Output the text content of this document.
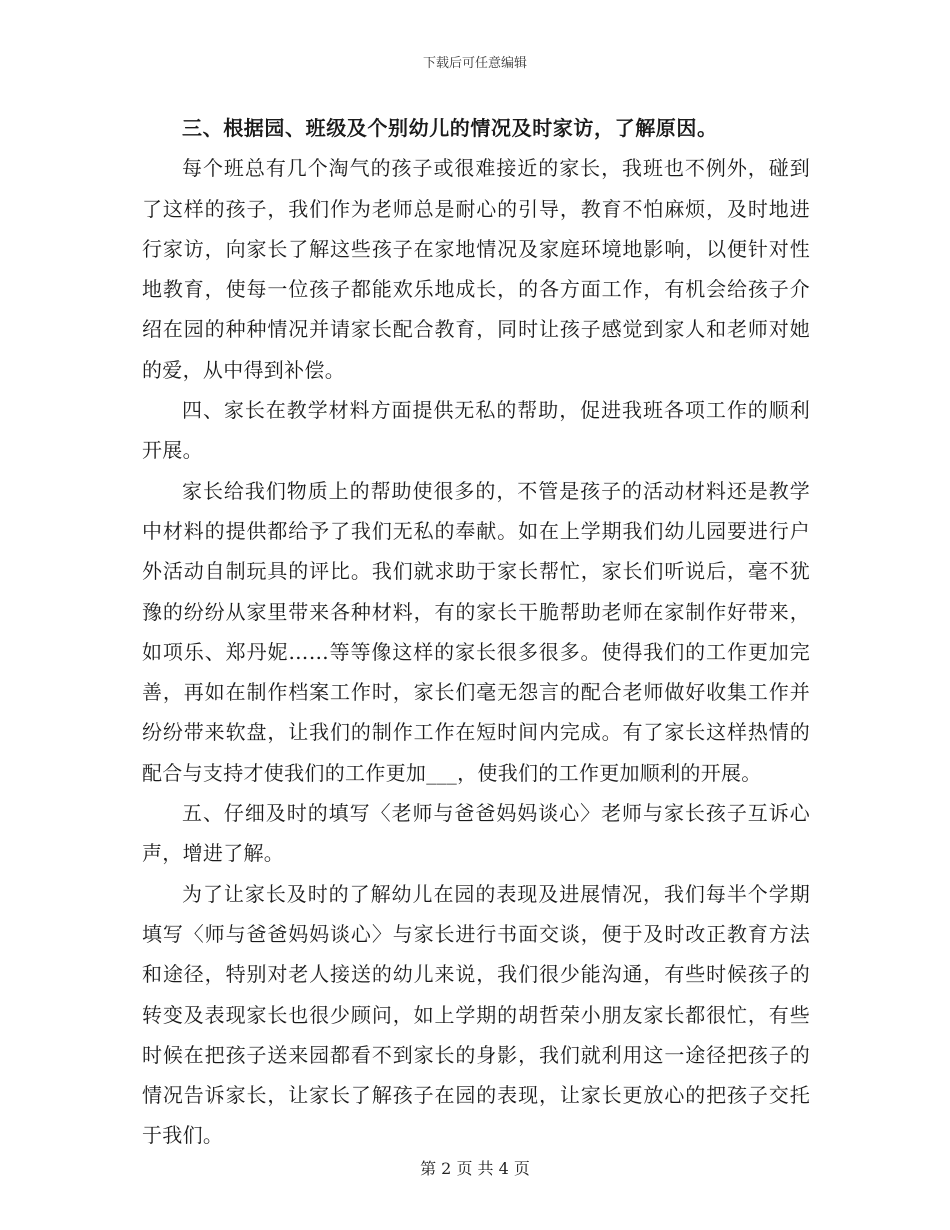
下载后可任意编辑

三、根据园、班级及个别幼儿的情况及时家访，了解原因。

每个班总有几个淘气的孩子或很难接近的家长，我班也不例外，碰到了这样的孩子，我们作为老师总是耐心的引导，教育不怕麻烦，及时地进行家访，向家长了解这些孩子在家地情况及家庭环境地影响，以便针对性地教育，使每一位孩子都能欢乐地成长，的各方面工作，有机会给孩子介绍在园的种种情况并请家长配合教育，同时让孩子感觉到家人和老师对她的爱，从中得到补偿。

四、家长在教学材料方面提供无私的帮助，促进我班各项工作的顺利开展。

家长给我们物质上的帮助使很多的，不管是孩子的活动材料还是教学中材料的提供都给予了我们无私的奉献。如在上学期我们幼儿园要进行户外活动自制玩具的评比。我们就求助于家长帮忙，家长们听说后，毫不犹豫的纷纷从家里带来各种材料，有的家长干脆帮助老师在家制作好带来，如项乐、郑丹妮……等等像这样的家长很多很多。使得我们的工作更加完善，再如在制作档案工作时，家长们毫无怨言的配合老师做好收集工作并纷纷带来软盘，让我们的制作工作在短时间内完成。有了家长这样热情的配合与支持才使我们的工作更加___，使我们的工作更加顺利的开展。

五、仔细及时的填写〈老师与爸爸妈妈谈心〉老师与家长孩子互诉心声，增进了解。

为了让家长及时的了解幼儿在园的表现及进展情况，我们每半个学期填写〈师与爸爸妈妈谈心〉与家长进行书面交谈，便于及时改正教育方法和途径，特别对老人接送的幼儿来说，我们很少能沟通，有些时候孩子的转变及表现家长也很少顾问，如上学期的胡哲荣小朋友家长都很忙，有些时候在把孩子送来园都看不到家长的身影，我们就利用这一途径把孩子的情况告诉家长，让家长了解孩子在园的表现，让家长更放心的把孩子交托于我们。

第 2 页 共 4 页
